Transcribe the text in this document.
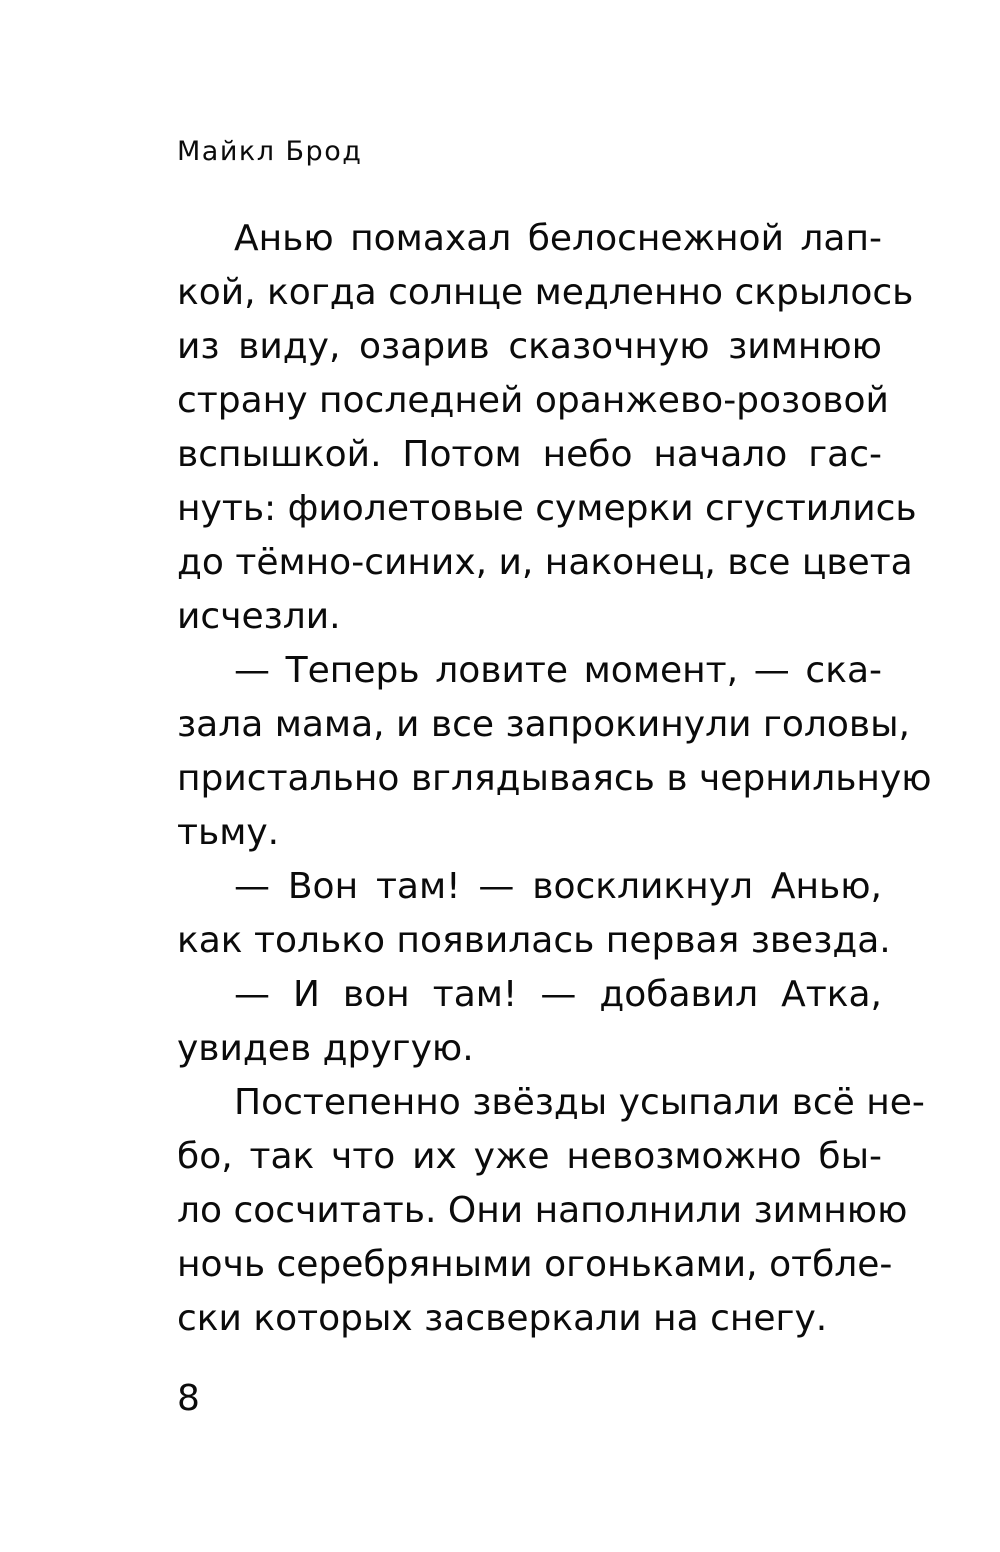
Майкл Брод
Анью помахал белоснежной лап-
кой, когда солнце медленно скрылось
из виду, озарив сказочную зимнюю
страну последней оранжево-розовой
вспышкой. Потом небо начало гас-
нуть: фиолетовые сумерки сгустились
до тёмно-синих, и, наконец, все цвета
исчезли.
— Теперь ловите момент, — ска-
зала мама, и все запрокинули головы,
пристально вглядываясь в чернильную
тьму.
— Вон там! — воскликнул Анью,
как только появилась первая звезда.
— И вон там! — добавил Атка,
увидев другую.
Постепенно звёзды усыпали всё не-
бо, так что их уже невозможно бы-
ло сосчитать. Они наполнили зимнюю
ночь серебряными огоньками, отбле-
ски которых засверкали на снегу.
8
